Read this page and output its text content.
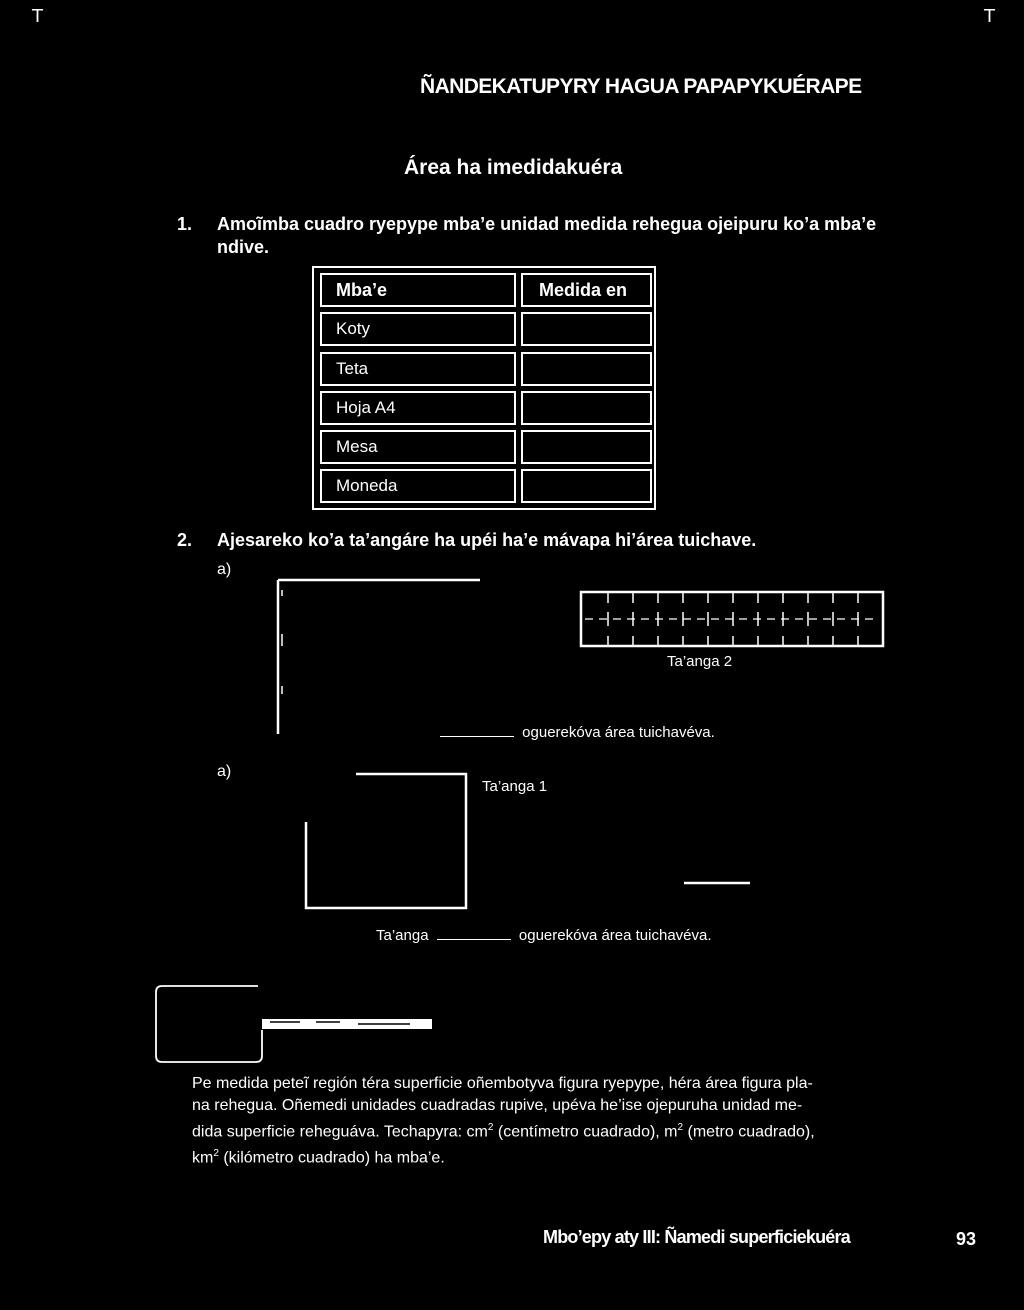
T	T
ÑANDEKATUPYRY HAGUA PAPAPYKUÉRAPE
Área ha imedidakuéra
1. Amoĩmba cuadro ryepype mba’e unidad medida rehegua ojeipuru ko’a mba’e ndive.
Mba’e	Medida en
Koty
Teta
Hoja A4
Mesa
Moneda
2. Ajesareko ko’a ta’angáre ha upéi ha’e mávapa hi’área tuichave.
a)
Ta’anga 2
oguerekóva área tuichavéva.
a)
Ta’anga 1
Ta’anga	oguerekóva área tuichavéva.
Pe medida peteĩ región téra superficie oñembotyva figura ryepype, héra área figura pla-
na rehegua. Oñemedi unidades cuadradas rupive, upéva he’ise ojepuruha unidad me-
dida superficie reheguáva. Techapyra: $cm^2$ (centímetro cuadrado), $m^2$ (metro cuadrado),
$km^2$ (kilómetro cuadrado) ha mba’e.
Mbo’epy aty III: Ñamedi superficiekuéra	93
